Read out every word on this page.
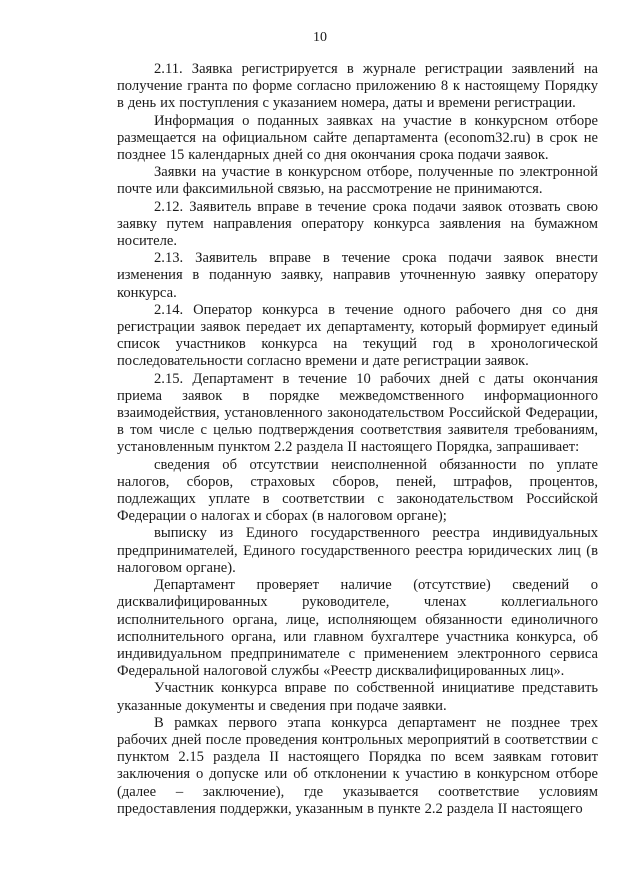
10

2.11. Заявка регистрируется в журнале регистрации заявлений на получение гранта по форме согласно приложению 8 к настоящему Порядку в день их поступления с указанием номера, даты и времени регистрации.

Информация о поданных заявках на участие в конкурсном отборе размещается на официальном сайте департамента (econom32.ru) в срок не позднее 15 календарных дней со дня окончания срока подачи заявок.

Заявки на участие в конкурсном отборе, полученные по электронной почте или факсимильной связью, на рассмотрение не принимаются.

2.12. Заявитель вправе в течение срока подачи заявок отозвать свою заявку путем направления оператору конкурса заявления на бумажном носителе.

2.13. Заявитель вправе в течение срока подачи заявок внести изменения в поданную заявку, направив уточненную заявку оператору конкурса.

2.14. Оператор конкурса в течение одного рабочего дня со дня регистрации заявок передает их департаменту, который формирует единый список участников конкурса на текущий год в хронологической последовательности согласно времени и дате регистрации заявок.

2.15. Департамент в течение 10 рабочих дней с даты окончания приема заявок в порядке межведомственного информационного взаимодействия, установленного законодательством Российской Федерации, в том числе с целью подтверждения соответствия заявителя требованиям, установленным пунктом 2.2 раздела II настоящего Порядка, запрашивает:

сведения об отсутствии неисполненной обязанности по уплате налогов, сборов, страховых сборов, пеней, штрафов, процентов, подлежащих уплате в соответствии с законодательством Российской Федерации о налогах и сборах (в налоговом органе);

выписку из Единого государственного реестра индивидуальных предпринимателей, Единого государственного реестра юридических лиц (в налоговом органе).

Департамент проверяет наличие (отсутствие) сведений о дисквалифицированных руководителе, членах коллегиального исполнительного органа, лице, исполняющем обязанности единоличного исполнительного органа, или главном бухгалтере участника конкурса, об индивидуальном предпринимателе с применением электронного сервиса Федеральной налоговой службы «Реестр дисквалифицированных лиц».

Участник конкурса вправе по собственной инициативе представить указанные документы и сведения при подаче заявки.

В рамках первого этапа конкурса департамент не позднее трех рабочих дней после проведения контрольных мероприятий в соответствии с пунктом 2.15 раздела II настоящего Порядка по всем заявкам готовит заключения о допуске или об отклонении к участию в конкурсном отборе (далее – заключение), где указывается соответствие условиям предоставления поддержки, указанным в пункте 2.2 раздела II настоящего
